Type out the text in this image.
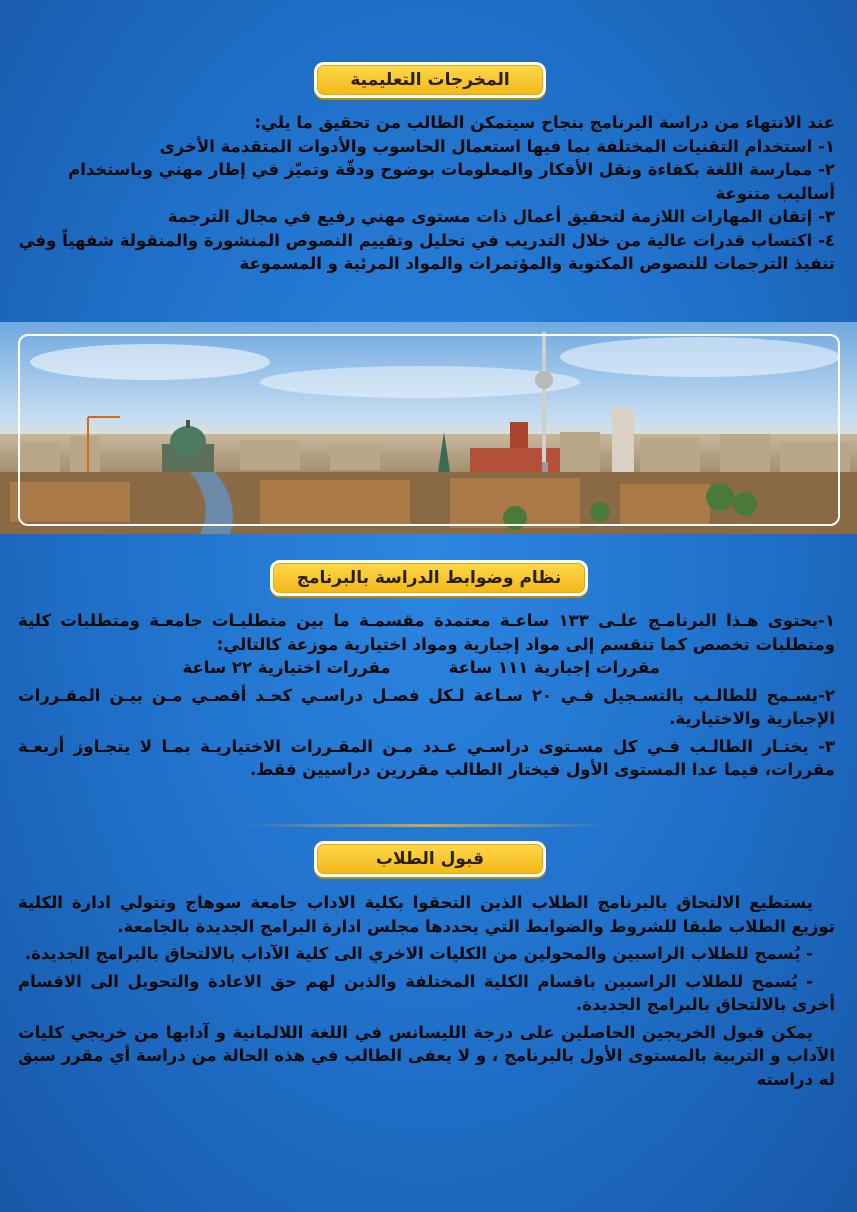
المخرجات التعليمية

عند الانتهاء من دراسة البرنامج بنجاح سيتمكن الطالب من تحقيق ما يلي:

١- استخدام التقنيات المختلفة بما فيها استعمال الحاسوب والأدوات المتقدمة الأخرى

٢- ممارسة اللغة بكفاءة ونقل الأفكار والمعلومات بوضوح ودقّة وتميّز في إطار مهني وباستخدام أساليب متنوعة

٣- إتقان المهارات اللازمة لتحقيق أعمال ذات مستوى مهني رفيع في مجال الترجمة

٤- اكتساب قدرات عالية من خلال التدريب في تحليل وتقييم النصوص المنشورة والمنقولة شفهياً وفي تنفيذ الترجمات للنصوص المكتوبة والمؤتمرات والمواد المرئية و المسموعة

نظام وضوابط الدراسة بالبرنامج

١-يحتوى هـذا البرنامـج علـى ١٣٣ ساعـة معتمدة مقسمـة ما بين متطلبـات جامعـة ومتطلبات كلية ومتطلبات تخصص كما تنقسم إلى مواد إجبارية ومواد اختيارية موزعة كالتالي:

مقررات إجبارية ١١١ ساعة
مقررات اختيارية ٢٢ ساعة

٢-يسـمح للطالـب بالتسـجيل فـي ٢٠ سـاعة لـكل فصـل دراسـي كحـد أقصـي مـن بيـن المقـررات الإجبارية والاختيارية.

٣- يختـار الطالـب فـي كل مسـتوى دراسـي عـدد مـن المقـررات الاختياريـة بمـا لا يتجـاوز أربعـة مقررات، فيما عدا المستوى الأول فيختار الطالب مقررين دراسيين فقط.

قبول الطلاب

يستطيع الالتحاق بالبرنامج الطلاب الذين التحقوا بكلية الاداب جامعة سوهاج وتتولي ادارة الكلية توزيع الطلاب طبقا للشروط والضوابط التي يحددها مجلس ادارة البرامج الجديدة بالجامعة.

- يُسمح للطلاب الراسبين والمحولين من الكليات الاخري الى كلية الآداب بالالتحاق بالبرامج الجديدة.

- يُسمح للطلاب الراسبين باقسام الكلية المختلفة والذين لهم حق الاعادة والتحويل الى الاقسام أخرى بالالتحاق بالبرامج الجديدة.

يمكن قبول الخريجين الحاصلين على درجة الليسانس في اللغة اللالمانية و آدابها من خريجي كليات الآداب و التربية بالمستوى الأول بالبرنامج ، و لا يعفى الطالب في هذه الحالة من دراسة أي مقرر سبق له دراسته
